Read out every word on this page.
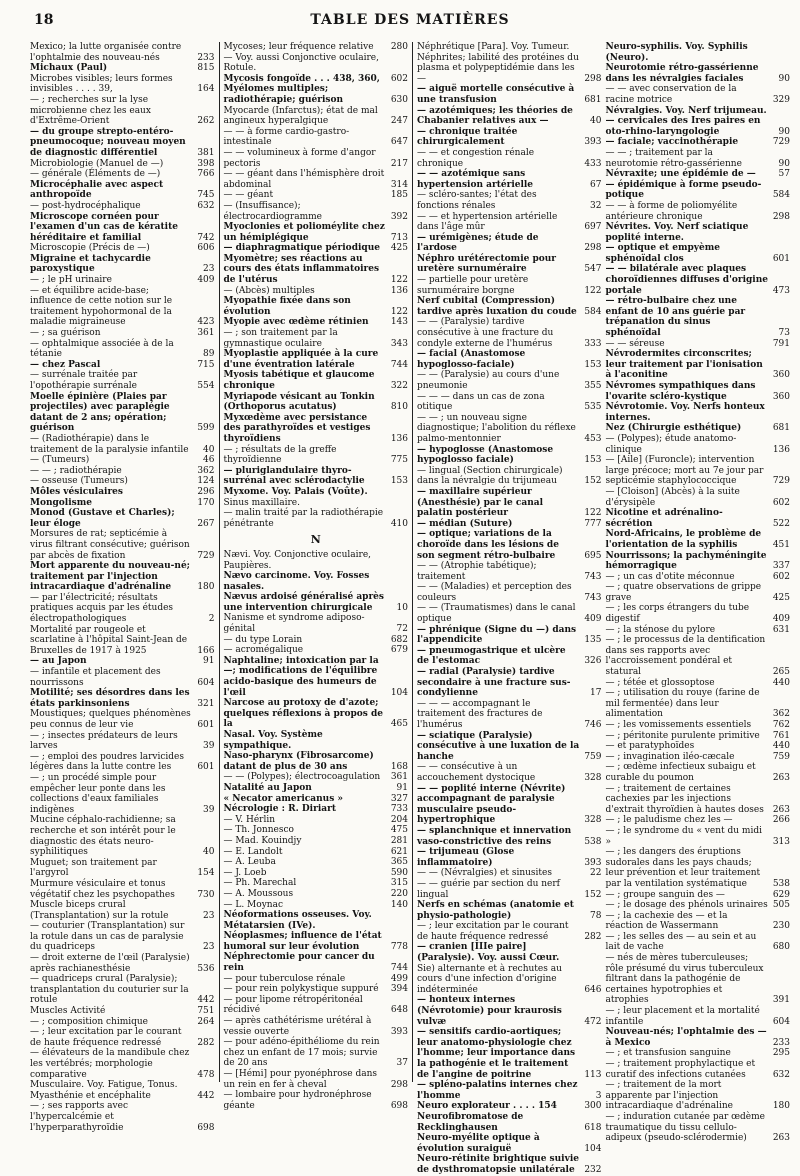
18	TABLE DES MATIÈRES

Mexico; la lutte organisée contre l'ophtalmie des nouveau-nés	233

Michaux (Paul)	815

Microbes visibles; leurs formes invisibles . . . . 39,	164

— ; recherches sur la lyse microbienne chez les eaux d'Extrême-Orient	262

— du groupe strepto-entéro-pneumocoque; nouveau moyen de diagnostic différentiel	381

Microbiologie (Manuel de —)	398

— générale (Éléments de —)	766

Microcéphalie avec aspect anthropoïde	745

— post-hydrocéphalique	632

Microscope cornéen pour l'examen d'un cas de kératite héréditaire et familial	742

Microscopie (Précis de —)	606

Migraine et tachycardie paroxystique	23

— ; le pH urinaire	409

— et équilibre acide-base; influence de cette notion sur le traitement hypohormonal de la maladie migraineuse	423

— ; sa guérison	361

— ophtalmique associée à de la tétanie	89

— chez Pascal	715

— surrénale traitée par l'opothérapie surrénale	554

Moelle épinière (Plaies par projectiles) avec paraplégie datant de 2 ans; opération; guérison	599

— (Radiothérapie) dans le traitement de la paralysie infantile 40

— (Tumeurs)	46

— — ; radiothérapie	362

— osseuse (Tumeurs)	124

Môles vésiculaires	296

Mongolisme	170

Monod (Gustave et Charles); leur éloge	267

Morsures de rat; septicémie à virus filtrant consécutive; guérison par abcès de fixation	729

Mort apparente du nouveau-né; traitement par l'injection intracardiaque d'adrénaline	180

— par l'électricité; résultats pratiques acquis par les études électropathologiques	2

Mortalité par rougeole et scarlatine à l'hôpital Saint-Jean de Bruxelles de 1917 à 1925	166

— au Japon	91

— infantile et placement des nourrissons	604

Motilité; ses désordres dans les états parkinsoniens	321

Moustiques; quelques phénomènes peu connus de leur vie	601

— ; insectes prédateurs de leurs larves	39

— ; emploi des poudres larvicides légères dans la lutte contre les	601

— ; un procédé simple pour empêcher leur ponte dans les collections d'eaux familiales indigènes	39

Mucine céphalo-rachidienne; sa recherche et son intérêt pour le diagnostic des états neuro-syphilitiques	40

Muguet; son traitement par l'argyrol	154

Murmure vésiculaire et tonus végétatif chez les psychopathes 730

Muscle biceps crural (Transplantation) sur la rotule	23

— couturier (Transplantation) sur la rotule dans un cas de paralysie du quadriceps	23

— droit externe de l'œil (Paralysie) après rachianesthésie	536

— quadriceps crural (Paralysie); transplantation du couturier sur la rotule	442

Muscles Activité	751

— ; composition chimique	264

— ; leur excitation par le courant de haute fréquence redressé	282

— élévateurs de la mandibule chez les vertébrés; morphologie comparative	478

Musculaire. Voy. Fatigue, Tonus.

Myasthénie et encéphalite	442

— ; ses rapports avec l'hypercalcémie et l'hyperparathyroïdie	698

Mycoses; leur fréquence relative 280

— Voy. aussi Conjonctive oculaire, Rotule.

Mycosis fongoïde . . . 438, 360, 602

Myélomes multiples; radiothérapie; guérison	630

Myocarde (Infarctus); état de mal angineux hyperalgique	247

— — à forme cardio-gastro-intestinale	647

— — volumineux à forme d'angor pectoris	217

— — géant dans l'hémisphère droit abdominal	314

— — géant	185

— (Insuffisance); électrocardiogramme	392

Myoclonies et polioméylite chez un hémiplégique	713

— diaphragmatique périodique 425

Myomètre; ses réactions au cours des états inflammatoires de l'utérus	122

— (Abcès) multiples	136

Myopathie fixée dans son évolution	122

Myopie avec œdème rétinien 143

— ; son traitement par la gymnastique oculaire	343

Myoplastie appliquée à la cure d'une éventration latérale	744

Myosis tabétique et glaucome chronique	322

Myriapode vésicant au Tonkin (Orthoporus acutatus)	810

Myxœdème avec persistance des parathyroïdes et vestiges thyroïdiens	136

— ; résultats de la greffe thyroïdienne	775

— pluriglandulaire thyro-surrénal avec sclérodactylie	153

Myxome. Voy. Palais (Voûte).

Sinus maxillaire.

— malin traité par la radiothérapie pénétrante	410

N

Nævi. Voy. Conjonctive oculaire, Paupières.

Nævo carcinome. Voy. Fosses nasales.

Nævus ardoisé généralisé après une intervention chirurgicale	10

Nanisme et syndrome adiposo-génital	72

— du type Lorain	682

— acromégalique	679

Naphtaline; intoxication par la —; modifications de l'équilibre acido-basique des humeurs de l'œil	104

Narcose au protoxy de d'azote; quelques réflexions à propos de la	465

Nasal. Voy. Système sympathique.

Naso-pharynx (Fibrosarcome) datant de plus de 30 ans	168

— — (Polypes); électrocoagulation 361

Natalité au Japon	91

« Necator americanus »	327

Nécrologie : R. Diriart	733

— V. Hérlin	204

— Th. Jonnesco	475

— Mad. Kouindjy	281

— E. Landolt	621

— A. Leuba	365

— J. Loeb	590

— Ph. Marechal	315

— A. Moussous	220

— L. Moynac	140

Néoformations osseuses. Voy. Métatarsien (IVe).

Néoplasmes; influence de l'état humoral sur leur évolution	778

Néphrectomie pour cancer du rein	744

— pour tuberculose rénale	499

— pour rein polykystique suppuré 394

— pour lipome rétropéritonéal récidivé	648

— après cathétérisme urétéral à vessie ouverte	393

— pour adéno-épithéliome du rein chez un enfant de 17 mois; survie de 20 ans	37

— [Hémi] pour pyonéphrose dans un rein en fer à cheval	298

— lombaire pour hydronéphrose géante	698

Néphrétique [Para]. Voy. Tumeur.

Néphrites; labilité des protéines du plasma et polypeptidémie dans les —	298

— aiguë mortelle consécutive à une transfusion	681

— azotémiques; les théories de Chabanier relatives aux —	40

— chronique traitée chirurgicalement	393

— — et congestion rénale chronique	433

— — azotémique sans hypertension artérielle	67

— scléro-santes; l'état des fonctions rénales	32

— — et hypertension artérielle dans l'âge mûr	697

— urémigènes; étude de l'ardose	298

Néphro urétérectomie pour uretère surnuméraire	547

— partielle pour uretère surnuméraire borgne	122

Nerf cubital (Compression) tardive après luxation du coude 584

— — (Paralysie) tardive consécutive à une fracture du condyle externe de l'humérus	333

— facial (Anastomose hypoglosso-faciale)	153

— — (Paralysie) au cours d'une pneumonie	355

— — — dans un cas de zona otitique	535

— — ; un nouveau signe diagnostique; l'abolition du réflexe palmo-mentonnier	453

— hypoglosse (Anastomose hypoglosso faciale)	153

— lingual (Section chirurgicale) dans la névralgie du trijumeau	152

— maxillaire supérieur (Anesthésie) par le canal palatin postérieur	122

— médian (Suture)	777

— optique; variations de la choroïde dans les lésions de son segment rétro-bulbaire	695

— — (Atrophie tabétique); traitement	743

— — (Maladies) et perception des couleurs	743

— — (Traumatismes) dans le canal optique	409

— phrénique (Signe du —) dans l'appendicite	135

— pneumogastrique et ulcère de l'estomac	326

— radial (Paralysie) tardive secondaire à une fracture sus-condylienne	17

— — — accompagnant le traitement des fractures de l'humérus	746

— sciatique (Paralysie) consécutive à une luxation de la hanche	759

— — consécutive à un accouchement dystocique	328

— — poplité interne (Névrite) accompagnant de paralysie musculaire pseudo-hypertrophique	328

— splanchnique et innervation vaso-constrictive des reins	538

— trijumeau (Glose inflammatoire)	393

— — (Névralgies) et sinusites	22

— — guérie par section du nerf lingual	152

Nerfs en schémas (anatomie et physio-pathologie)	78

— ; leur excitation par le courant de haute fréquence redressé	282

— cranien [IIIe paire] (Paralysie). Voy. aussi Cœur.

Sie) alternante et à rechutes au cours d'une infection d'origine indéterminée	646

— honteux internes (Névrotomie) pour kraurosis vulvæ	472

— sensitifs cardio-aortiques; leur anatomo-physiologie chez l'homme; leur importance dans la pathogénie et le traitement de l'angine de poitrine	113

— spléno-palatins internes chez l'homme	3

Neuro explorateur . . . . 154	300

Neurofibromatose de Recklinghausen	618

Neuro-myélite optique à évolution suraiguë	104

Neuro-rétinite brightique suivie de dysthromatopsie unilatérale 232

Neuro-syphilis. Voy. Syphilis (Neuro).

Neurotomie rétro-gassérienne dans les névralgies faciales	90

— — avec conservation de la racine motrice	329

Névralgies. Voy. Nerf trijumeau.

— cervicales des Ires paires en oto-rhino-laryngologie	90

— faciale; vaccinothérapie	729

— — ; traitement par la neurotomie rétro-gassérienne	90

Névraxite; une épidémie de —	57

— épidémique à forme pseudo-potique	584

— — à forme de poliomyélite antérieure chronique	298

Névrites. Voy. Nerf sciatique poplité interne.

— optique et empyème sphénoïdal clos	601

— — bilatérale avec plaques choroïdiennes diffuses d'origine portale	473

— rétro-bulbaire chez une enfant de 10 ans guérie par trépanation du sinus sphénoïdal	73

— — séreuse	791

Névrodermites circonscrites; leur traitement par l'ionisation à l'aconitine	360

Névromes sympathiques dans l'ovarite scléro-kystique	360

Névrotomie. Voy. Nerfs honteux internes.

Nez (Chirurgie esthétique)	681

— (Polypes); étude anatomo-clinique	136

— [Aile] (Furoncle); intervention large précoce; mort au 7e jour par septicémie staphylococcique	729

— [Cloison] (Abcès) à la suite d'érysipèle	602

Nicotine et adrénalino-sécrétion	522

Nord-Africains, le problème de l'orientation de la syphilis	451

Nourrissons; la pachyméningite hémorragique	337

— ; un cas d'otite méconnue	602

— ; quatre observations de grippe grave	425

— ; les corps étrangers du tube digestif	409

— ; la sténose du pylore	631

— ; le processus de la dentification dans ses rapports avec l'accroissement pondéral et statural	265

— ; tétée et glossoptose	440

— ; utilisation du rouye (farine de mil fermentée) dans leur alimentation	362

— ; les vomissements essentiels 762

— ; péritonite purulente primitive 761

— et paratyphoïdes	440

— ; invagination iléo-cæcale	759

— ; œdème infectieux subaigu et curable du poumon	263

— ; traitement de certaines cachexies par les injections d'extrait thyroïdien à hautes doses 263

— ; le paludisme chez les —	266

— ; le syndrome du « vent du midi »	313

— ; les dangers des éruptions sudorales dans les pays chauds; leur prévention et leur traitement par la ventilation systématique	538

— ; groupe sanguin des —	629

— ; le dosage des phénols urinaires 505

— ; la cachexie des — et la réaction de Wassermann	230

— ; les selles des — au sein et au lait de vache	680

— nés de mères tuberculeuses; rôle présumé du virus tuberculeux filtrant dans la pathogénie de certaines hypotrophies et atrophies	391

— ; leur placement et la mortalité infantile	604

Nouveau-nés; l'ophtalmie des — à Mexico	233

— ; et transfusion sanguine	295

— ; traitement prophylactique et curatif des infections cutanées	632

— ; traitement de la mort apparente par l'injection intracardiaque d'adrénaline	180

— ; induration cutanée par œdème traumatique du tissu cellulo-adipeux (pseudo-sclérodermie)	263
